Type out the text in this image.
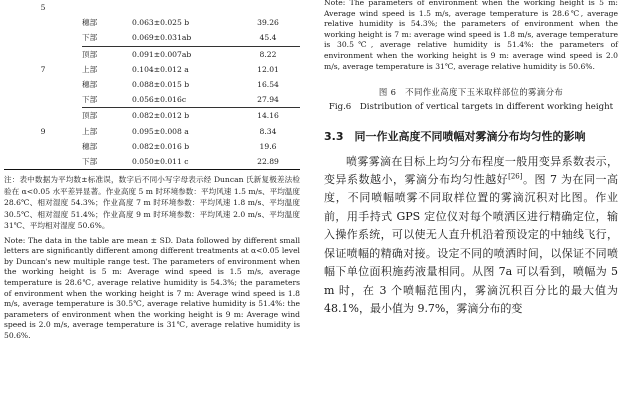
5			
	穗部	0.063±0.025 b	39.26
	下部	0.069±0.031ab	45.4
	顶部	0.091±0.007ab	8.22
7	上部	0.104±0.012 a	12.01
	穗部	0.088±0.015 b	16.54
	下部	0.056±0.016c	27.94
	顶部	0.082±0.012 b	14.16
9	上部	0.095±0.008 a	8.34
	穗部	0.082±0.016 b	19.6
	下部	0.050±0.011 c	22.89

注：表中数据为平均数±标准误，数字后不同小写字母表示经 Duncan 氏新复极差法检验在 α<0.05 水平差异显著。作业高度 5 m 时环境参数：平均风速 1.5 m/s、平均温度 28.6℃、相对湿度 54.3%；作业高度 7 m 时环境参数：平均风速 1.8 m/s、平均温度 30.5℃、相对湿度 51.4%；作业高度 9 m 时环境参数：平均风速 2.0 m/s、平均温度 31℃、平均相对湿度 50.6%。

Note: The data in the table are mean ± SD. Data followed by different small letters are significantly different among different treatments at α<0.05 level by Duncan's new multiple range test. The parameters of environment when the working height is 5 m: Average wind speed is 1.5 m/s, average temperature is 28.6℃, average relative humidity is 54.3%; the parameters of environment when the working height is 7 m: Average wind speed is 1.8 m/s, average temperature is 30.5℃, average relative humidity is 51.4%: the parameters of environment when the working height is 9 m: Average wind speed is 2.0 m/s, average temperature is 31℃, average relative humidity is 50.6%.

Note: The parameters of environment when the working height is 5 m: Average wind speed is 1.5 m/s, average temperature is 28.6℃, average relative humidity is 54.3%; the parameters of environment when the working height is 7 m: average wind speed is 1.8 m/s, average temperature is 30.5℃, average relative humidity is 51.4%: the parameters of environment when the working height is 9 m: average wind speed is 2.0 m/s, average temperature is 31℃, average relative humidity is 50.6%.

图 6　不同作业高度下玉米取样部位的雾滴分布
Fig.6　Distribution of vertical targets in different working height
3.3　同一作业高度不同喷幅对雾滴分布均匀性的影响

喷雾雾滴在目标上均匀分布程度一般用变异系数表示，变异系数越小，雾滴分布均匀性越好[26]。图 7 为在同一高度，不同喷幅喷雾不同取样位置的雾滴沉积对比图。作业前，用手持式 GPS 定位仪对每个喷洒区进行精确定位，输入操作系统，可以使无人直升机沿着预设定的中轴线飞行，保证喷幅的精确对接。设定不同的喷洒时间，以保证不同喷幅下单位面积施药液量相同。从图 7a 可以看到，喷幅为 5 m 时，在 3 个喷幅范围内，雾滴沉积百分比的最大值为 48.1%，最小值为 9.7%，雾滴分布的变
